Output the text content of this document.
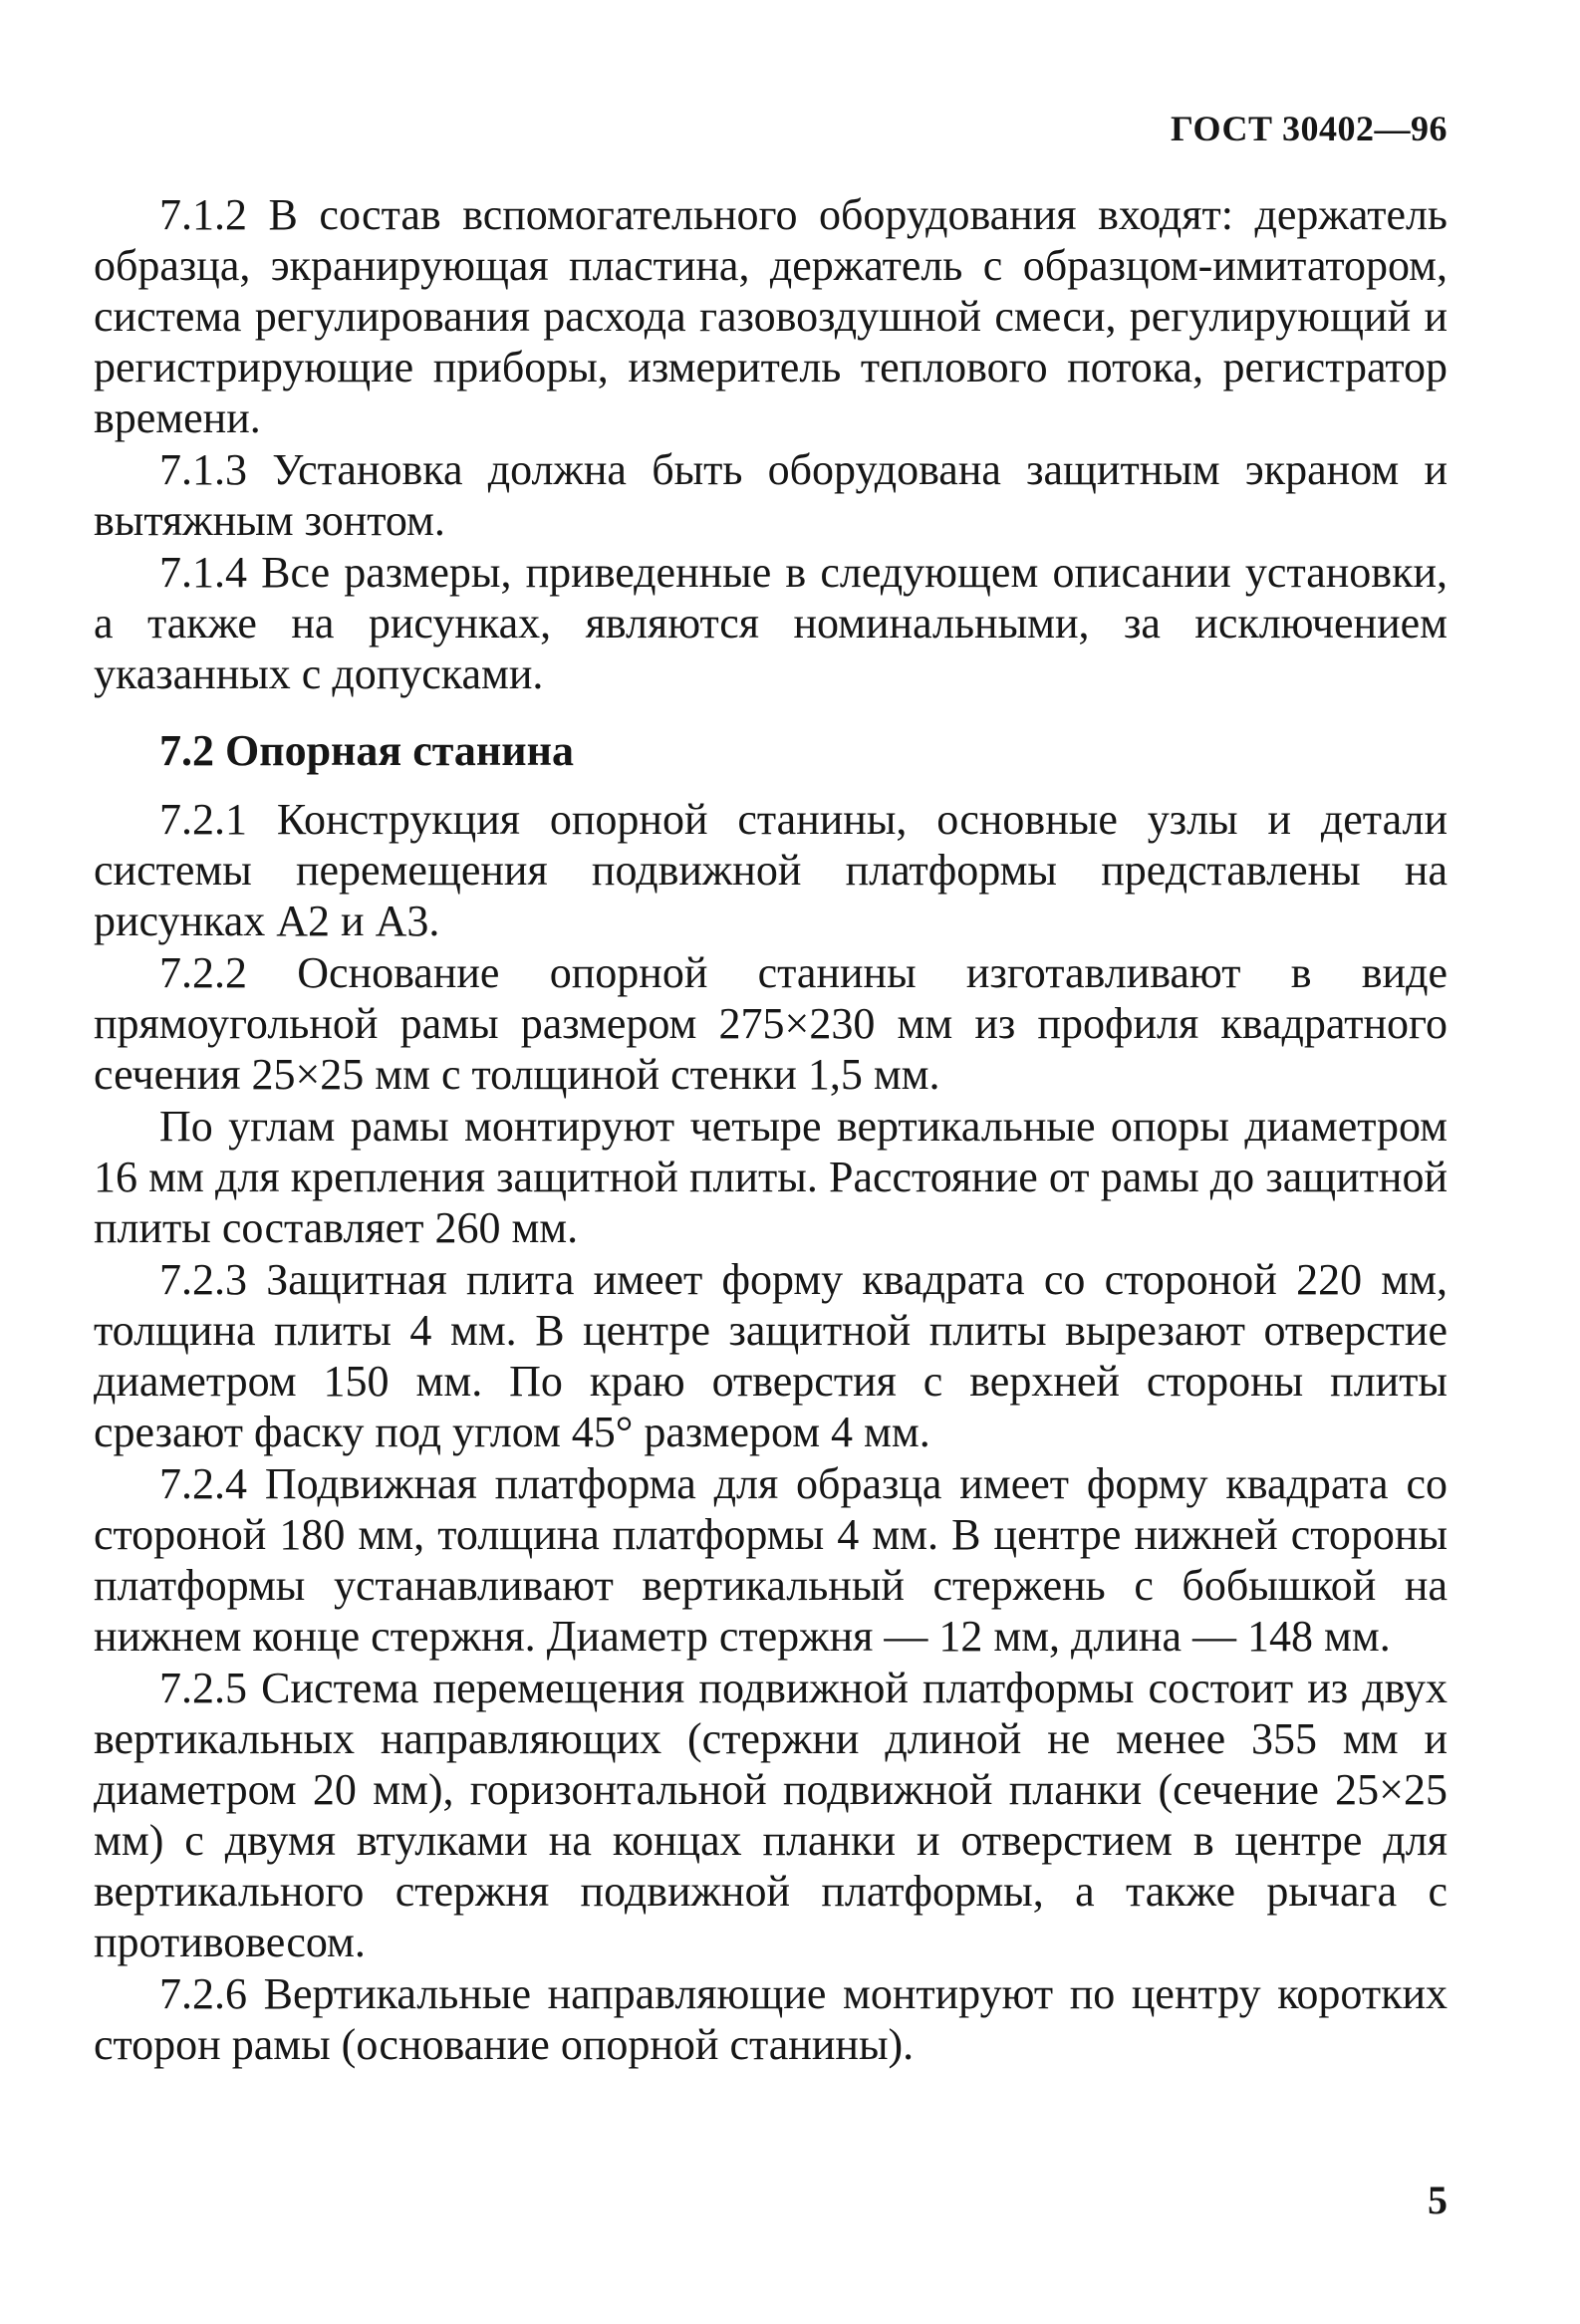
ГОСТ 30402—96

7.1.2 В состав вспомогательного оборудования входят: держатель образца, экранирующая пластина, держатель с образцом-имитатором, система регулирования расхода газовоздушной смеси, регулирующий и регистрирующие приборы, измеритель теплового потока, регистратор времени.

7.1.3 Установка должна быть оборудована защитным экраном и вытяжным зонтом.

7.1.4 Все размеры, приведенные в следующем описании установки, а также на рисунках, являются номинальными, за исключением указанных с допусками.

7.2 Опорная станина

7.2.1 Конструкция опорной станины, основные узлы и детали системы перемещения подвижной платформы представлены на рисунках А2 и А3.

7.2.2 Основание опорной станины изготавливают в виде прямоугольной рамы размером 275×230 мм из профиля квадратного сечения 25×25 мм с толщиной стенки 1,5 мм.

По углам рамы монтируют четыре вертикальные опоры диаметром 16 мм для крепления защитной плиты. Расстояние от рамы до защитной плиты составляет 260 мм.

7.2.3 Защитная плита имеет форму квадрата со стороной 220 мм, толщина плиты 4 мм. В центре защитной плиты вырезают отверстие диаметром 150 мм. По краю отверстия с верхней стороны плиты срезают фаску под углом 45° размером 4 мм.

7.2.4 Подвижная платформа для образца имеет форму квадрата со стороной 180 мм, толщина платформы 4 мм. В центре нижней стороны платформы устанавливают вертикальный стержень с бобышкой на нижнем конце стержня. Диаметр стержня — 12 мм, длина — 148 мм.

7.2.5 Система перемещения подвижной платформы состоит из двух вертикальных направляющих (стержни длиной не менее 355 мм и диаметром 20 мм), горизонтальной подвижной планки (сечение 25×25 мм) с двумя втулками на концах планки и отверстием в центре для вертикального стержня подвижной платформы, а также рычага с противовесом.

7.2.6 Вертикальные направляющие монтируют по центру коротких сторон рамы (основание опорной станины).

5
